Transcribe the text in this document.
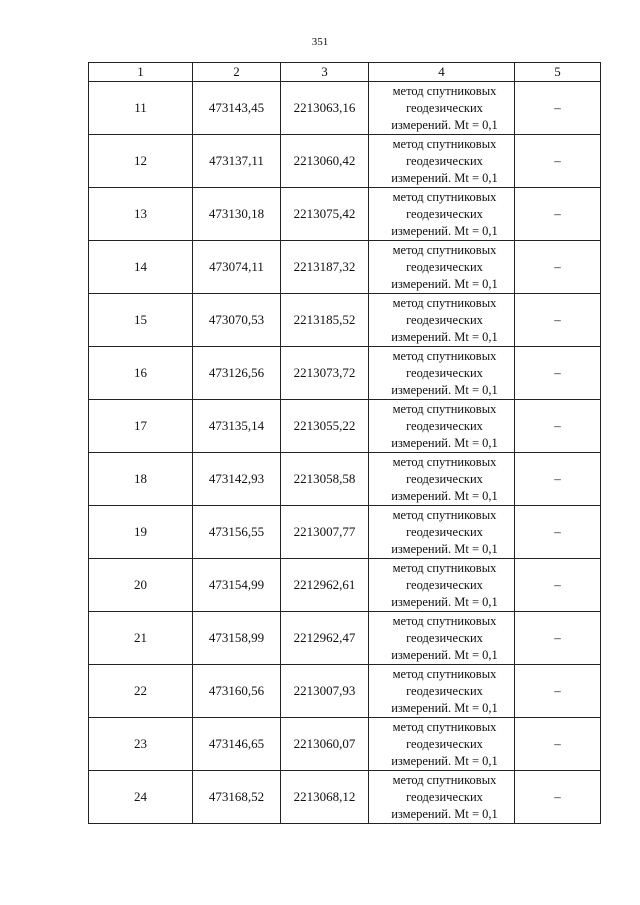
351
1	2	3	4	5
11	473143,45	2213063,16	метод спутниковых
геодезических
измерений. Mt = 0,1	–
12	473137,11	2213060,42	метод спутниковых
геодезических
измерений. Mt = 0,1	–
13	473130,18	2213075,42	метод спутниковых
геодезических
измерений. Mt = 0,1	–
14	473074,11	2213187,32	метод спутниковых
геодезических
измерений. Mt = 0,1	–
15	473070,53	2213185,52	метод спутниковых
геодезических
измерений. Mt = 0,1	–
16	473126,56	2213073,72	метод спутниковых
геодезических
измерений. Mt = 0,1	–
17	473135,14	2213055,22	метод спутниковых
геодезических
измерений. Mt = 0,1	–
18	473142,93	2213058,58	метод спутниковых
геодезических
измерений. Mt = 0,1	–
19	473156,55	2213007,77	метод спутниковых
геодезических
измерений. Mt = 0,1	–
20	473154,99	2212962,61	метод спутниковых
геодезических
измерений. Mt = 0,1	–
21	473158,99	2212962,47	метод спутниковых
геодезических
измерений. Mt = 0,1	–
22	473160,56	2213007,93	метод спутниковых
геодезических
измерений. Mt = 0,1	–
23	473146,65	2213060,07	метод спутниковых
геодезических
измерений. Mt = 0,1	–
24	473168,52	2213068,12	метод спутниковых
геодезических
измерений. Mt = 0,1	–
